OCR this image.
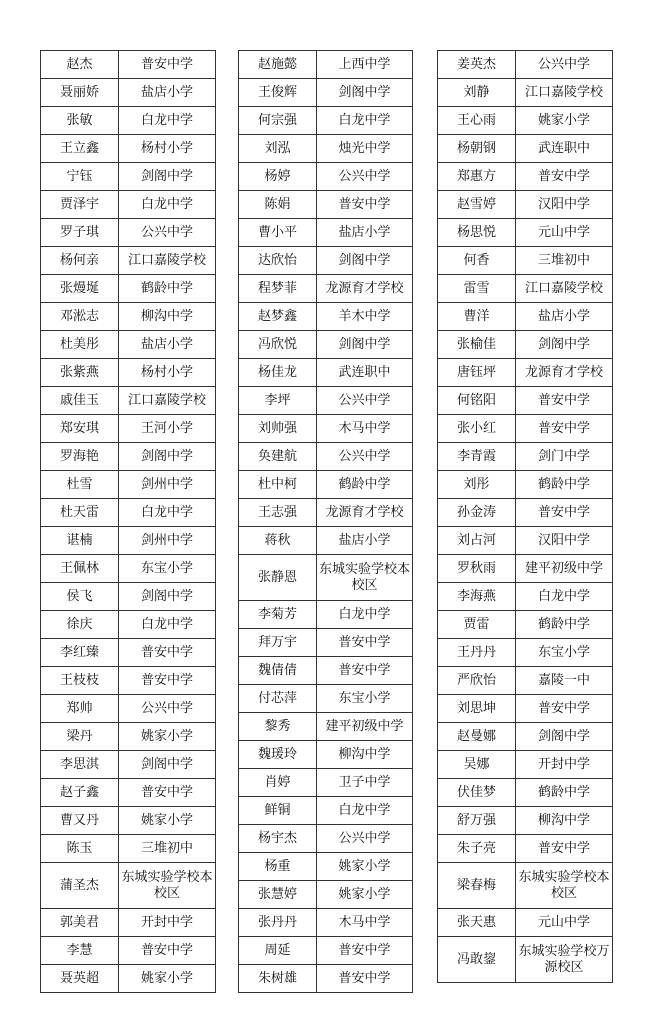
赵杰	普安中学
聂丽娇	盐店小学
张敏	白龙中学
王立鑫	杨村小学
宁钰	剑阁中学
贾泽宇	白龙中学
罗子琪	公兴中学
杨何亲	江口嘉陵学校
张熳埏	鹤龄中学
邓淞志	柳沟中学
杜美彤	盐店小学
张紫燕	杨村小学
戚佳玉	江口嘉陵学校
郑安琪	王河小学
罗海艳	剑阁中学
杜雪	剑州中学
杜天雷	白龙中学
谌楠	剑州中学
王佩林	东宝小学
侯飞	剑阁中学
徐庆	白龙中学
李红臻	普安中学
王枝枝	普安中学
郑帅	公兴中学
梁丹	姚家小学
李思淇	剑阁中学
赵子鑫	普安中学
曹又丹	姚家小学
陈玉	三堆初中
蒲圣杰	东城实验学校本校区
郭美君	开封中学
李慧	普安中学
聂英超	姚家小学
赵施懿	上西中学
王俊辉	剑阁中学
何宗强	白龙中学
刘泓	烛光中学
杨婷	公兴中学
陈娟	普安中学
曹小平	盐店小学
达欣怡	剑阁中学
程梦菲	龙源育才学校
赵梦鑫	羊木中学
冯欣悦	剑阁中学
杨佳龙	武连职中
李坪	公兴中学
刘帅强	木马中学
奂建航	公兴中学
杜中柯	鹤龄中学
王志强	龙源育才学校
蒋秋	盐店小学
张静恩	东城实验学校本校区
李菊芳	白龙中学
拜万宇	普安中学
魏倩倩	普安中学
付芯萍	东宝小学
黎秀	建平初级中学
魏瑗玲	柳沟中学
肖婷	卫子中学
鲜铜	白龙中学
杨宇杰	公兴中学
杨重	姚家小学
张慧婷	姚家小学
张丹丹	木马中学
周延	普安中学
朱树雄	普安中学
姜英杰	公兴中学
刘静	江口嘉陵学校
王心雨	姚家小学
杨朝钢	武连职中
郑惠方	普安中学
赵雪婷	汉阳中学
杨思悦	元山中学
何香	三堆初中
雷雪	江口嘉陵学校
曹洋	盐店小学
张榆佳	剑阁中学
唐钰坪	龙源育才学校
何铭阳	普安中学
张小红	普安中学
李青霞	剑门中学
刘彤	鹤龄中学
孙金涛	普安中学
刘占河	汉阳中学
罗秋雨	建平初级中学
李海燕	白龙中学
贾雷	鹤龄中学
王丹丹	东宝小学
严欣怡	嘉陵一中
刘思坤	普安中学
赵曼娜	剑阁中学
吴娜	开封中学
伏佳梦	鹤龄中学
舒万强	柳沟中学
朱子亮	普安中学
梁春梅	东城实验学校本校区
张天惠	元山中学
冯敢鋆	东城实验学校万源校区
